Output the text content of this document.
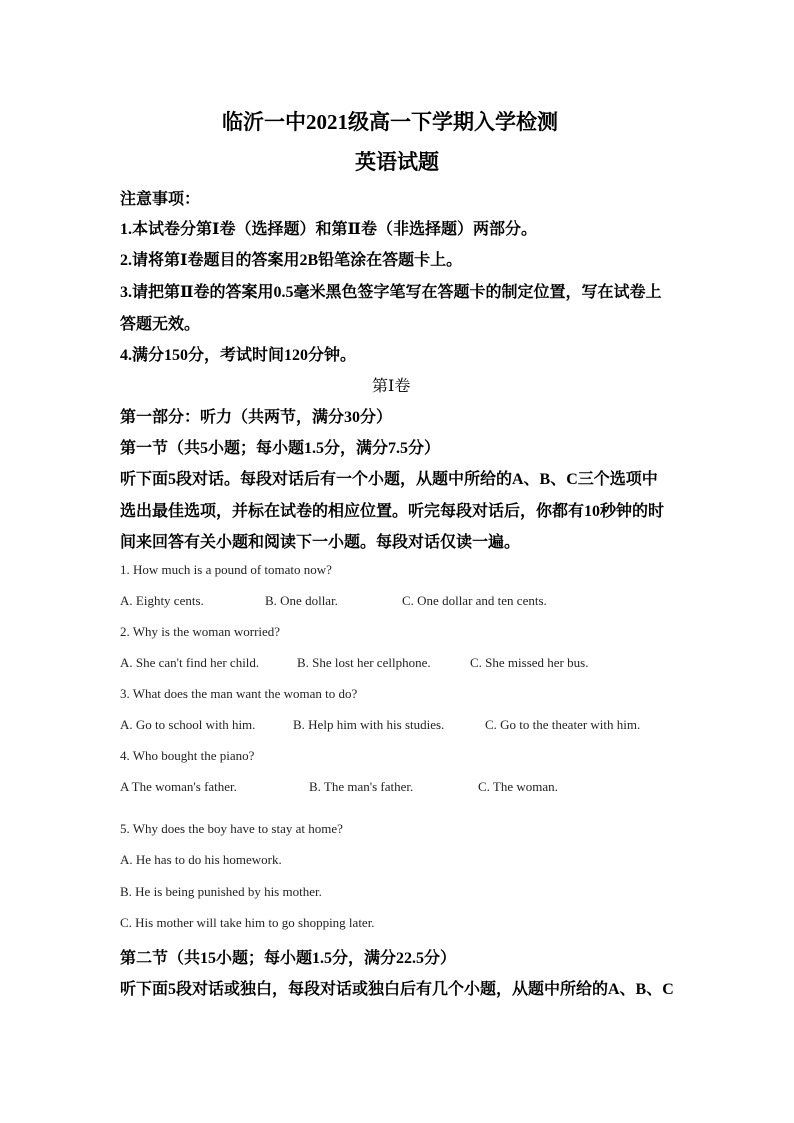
临沂一中2021级高一下学期入学检测
英语试题
注意事项：
1.本试卷分第Ⅰ卷（选择题）和第Ⅱ卷（非选择题）两部分。
2.请将第Ⅰ卷题目的答案用2B铅笔涂在答题卡上。
3.请把第Ⅱ卷的答案用0.5毫米黑色签字笔写在答题卡的制定位置，写在试卷上
答题无效。
4.满分150分，考试时间120分钟。
第Ⅰ卷
第一部分：听力（共两节，满分30分）
第一节（共5小题；每小题1.5分，满分7.5分）
听下面5段对话。每段对话后有一个小题，从题中所给的A、B、C三个选项中
选出最佳选项，并标在试卷的相应位置。听完每段对话后，你都有10秒钟的时
间来回答有关小题和阅读下一小题。每段对话仅读一遍。
1. How much is a pound of tomato now?
A. Eighty cents.	B. One dollar.	C. One dollar and ten cents.
2. Why is the woman worried?
A. She can't find her child.	B. She lost her cellphone.	C. She missed her bus.
3. What does the man want the woman to do?
A. Go to school with him.	B. Help him with his studies.	C. Go to the theater with him.
4. Who bought the piano?
A The woman's father.	B. The man's father.	C. The woman.
5. Why does the boy have to stay at home?
A. He has to do his homework.
B. He is being punished by his mother.
C. His mother will take him to go shopping later.
第二节（共15小题；每小题1.5分，满分22.5分）
听下面5段对话或独白，每段对话或独白后有几个小题，从题中所给的A、B、C
